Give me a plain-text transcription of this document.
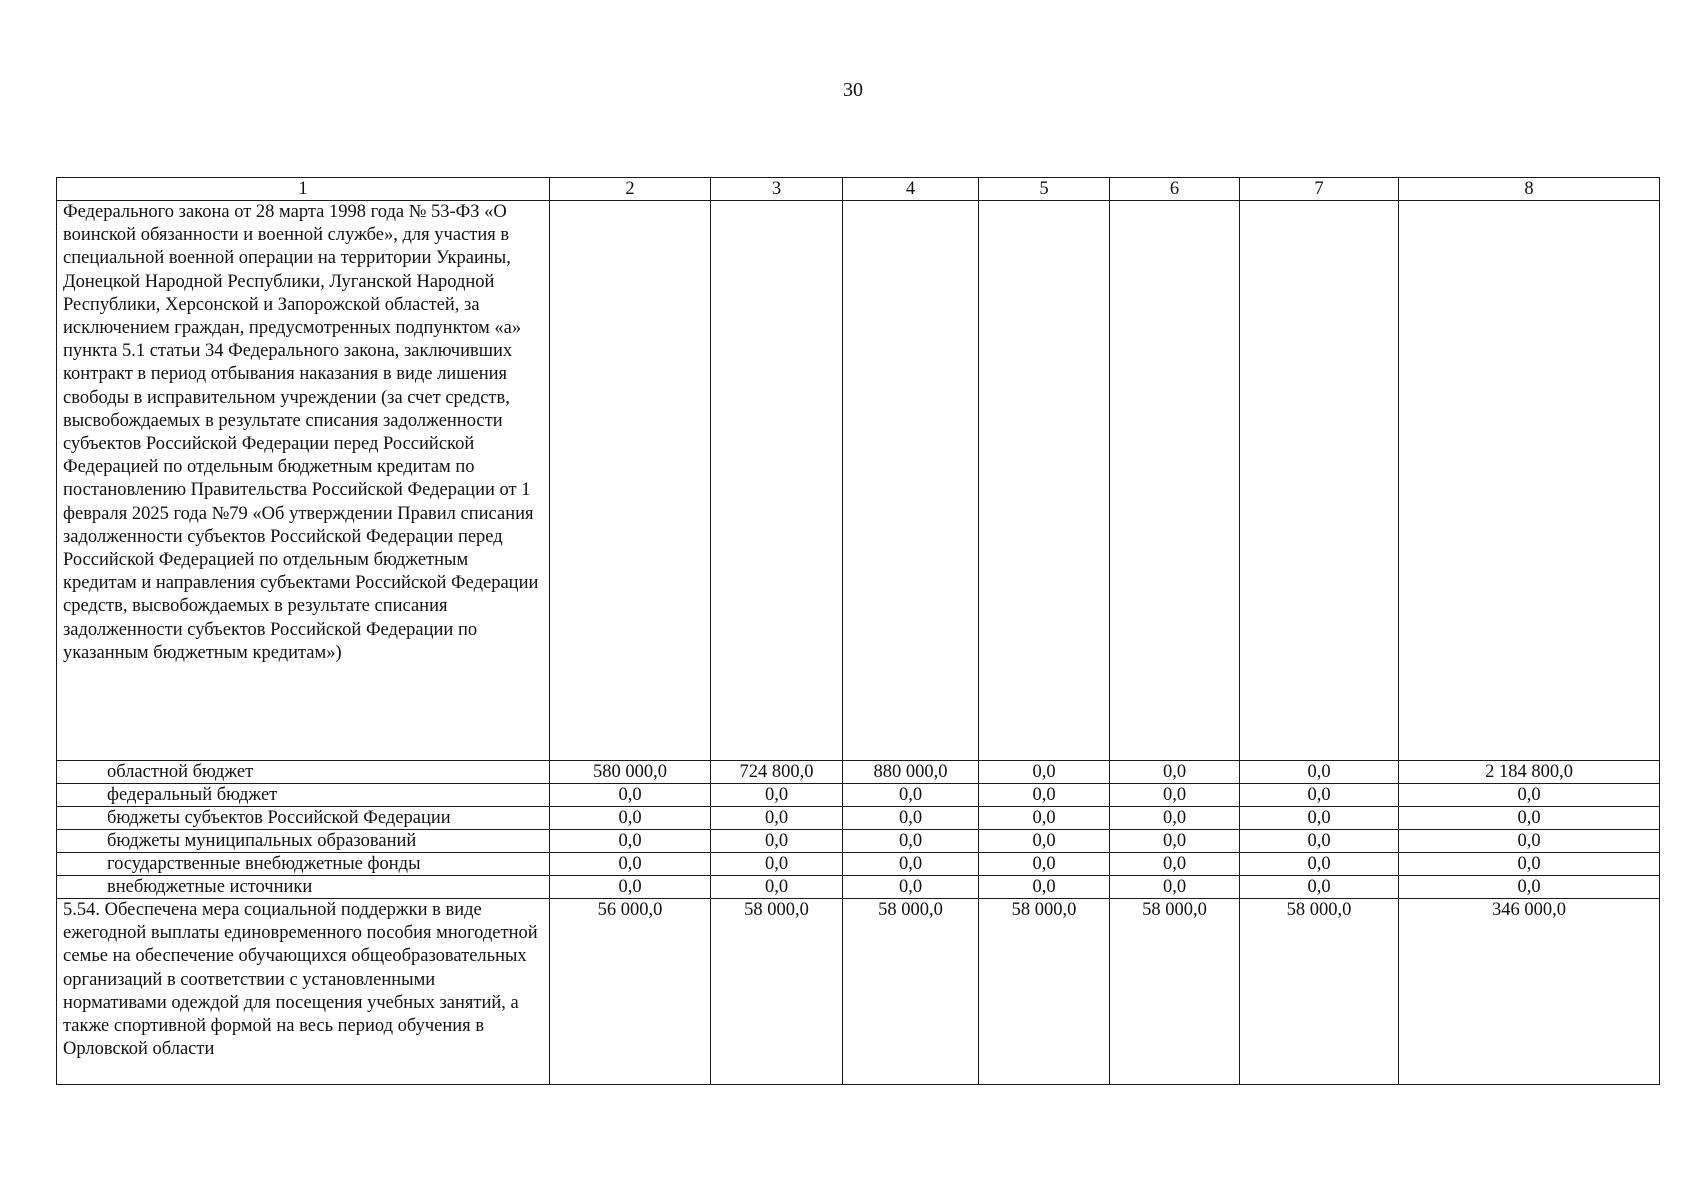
30
1	2	3	4	5	6	7	8
Федерального закона от 28 марта 1998 года № 53-ФЗ «О воинской обязанности и военной службе», для участия в специальной военной операции на территории Украины, Донецкой Народной Республики, Луганской Народной Республики, Херсонской и Запорожской областей, за исключением граждан, предусмотренных подпунктом «а» пункта 5.1 статьи 34 Федерального закона, заключивших контракт в период отбывания наказания в виде лишения свободы в исправительном учреждении (за счет средств, высвобождаемых в результате списания задолженности субъектов Российской Федерации перед Российской Федерацией по отдельным бюджетным кредитам по постановлению Правительства Российской Федерации от 1 февраля 2025 года №79 «Об утверждении Правил списания задолженности субъектов Российской Федерации перед Российской Федерацией по отдельным бюджетным кредитам и направления субъектами Российской Федерации средств, высвобождаемых в результате списания задолженности субъектов Российской Федерации по указанным бюджетным кредитам»)							
областной бюджет	580 000,0	724 800,0	880 000,0	0,0	0,0	0,0	2 184 800,0
федеральный бюджет	0,0	0,0	0,0	0,0	0,0	0,0	0,0
бюджеты субъектов Российской Федерации	0,0	0,0	0,0	0,0	0,0	0,0	0,0
бюджеты муниципальных образований	0,0	0,0	0,0	0,0	0,0	0,0	0,0
государственные внебюджетные фонды	0,0	0,0	0,0	0,0	0,0	0,0	0,0
внебюджетные источники	0,0	0,0	0,0	0,0	0,0	0,0	0,0
5.54. Обеспечена мера социальной поддержки в виде ежегодной выплаты единовременного пособия многодетной семье на обеспечение обучающихся общеобразовательных организаций в соответствии с установленными нормативами одеждой для посещения учебных занятий, а также спортивной формой на весь период обучения в Орловской области	56 000,0	58 000,0	58 000,0	58 000,0	58 000,0	58 000,0	346 000,0
